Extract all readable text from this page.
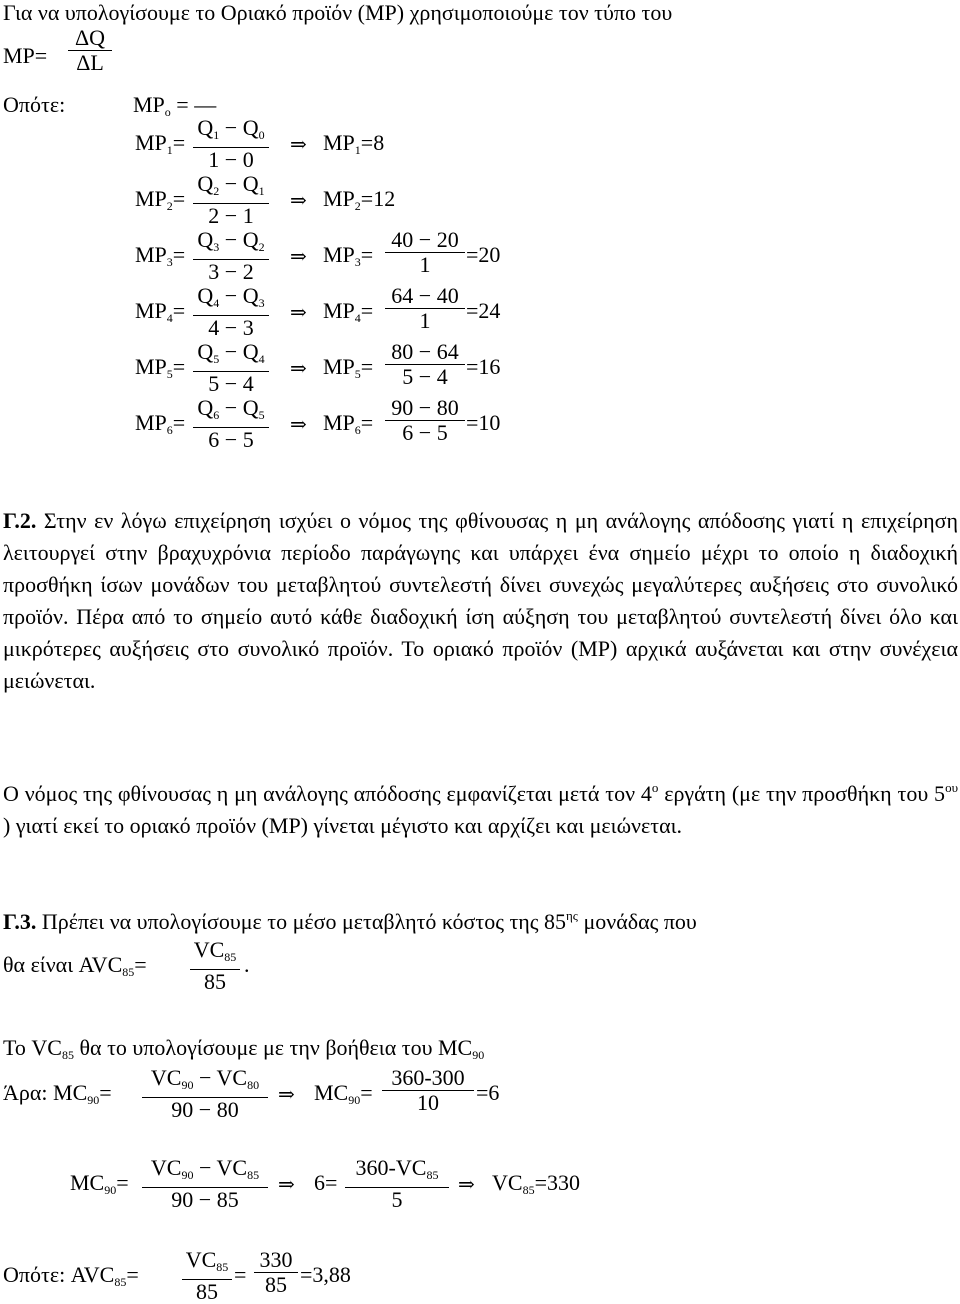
Για να υπολογίσουμε το Οριακό προϊόν (MP) χρησιμοποιούμε τον τύπο του
MP=
ΔQ
ΔL
Οπότε:	$MP_o$ = —
$MP_1=$
$Q_1 - Q_0$
1 − 0
⇒ $MP_1=8$
$MP_2=$
$Q_2 - Q_1$
2 − 1
⇒ $MP_2=12$
$MP_3=$
$Q_3 - Q_2$
3 − 2
⇒ $MP_3=$
40 − 20
1	=20
$MP_4=$
$Q_4 - Q_3$
4 − 3
⇒ $MP_4=$
64 − 40
1	=24
$MP_5=$
$Q_5 - Q_4$
5 − 4
⇒ $MP_5=$
80 − 64
5 − 4 =16
$MP_6=$
$Q_6 - Q_5$
6 − 5
⇒ $MP_6=$
90 − 80
6 − 5 =10
Γ.2. Στην εν λόγω επιχείρηση ισχύει ο νόμος της φθίνουσας η μη ανάλογης απόδοσης γιατί η επιχείρηση λειτουργεί στην βραχυχρόνια περίοδο παράγωγης και υπάρχει ένα σημείο μέχρι το οποίο η διαδοχική προσθήκη ίσων μονάδων του μεταβλητού συντελεστή δίνει συνεχώς μεγαλύτερες αυξήσεις στο συνολικό προϊόν. Πέρα από το σημείο αυτό κάθε διαδοχική ίση αύξηση του μεταβλητού συντελεστή δίνει όλο και μικρότερες αυξήσεις στο συνολικό προϊόν. Το οριακό προϊόν (MP) αρχικά αυξάνεται και στην συνέχεια μειώνεται.
Ο νόμος της φθίνουσας η μη ανάλογης απόδοσης εμφανίζεται μετά τον $4^o$ εργάτη (με την προσθήκη του $5^{o\upsilon}$ ) γιατί εκεί το οριακό προϊόν (MP) γίνεται μέγιστο και αρχίζει και μειώνεται.
Γ.3. Πρέπει να υπολογίσουμε το μέσο μεταβλητό κόστος της $85^{\eta\varsigma}$ μονάδας που
θα είναι $AVC_{85}=$
$VC_{85}$
85
.
Το $VC_{85}$ θα το υπολογίσουμε με την βοήθεια του $MC_{90}$
Άρα: $MC_{90}=$
$VC_{90} - VC_{80}$
90 − 80
⇒ $MC_{90}=$
360-300
10	=6
$MC_{90}=$
$VC_{90} - VC_{85}$
90 − 85
⇒ 6=
$360-VC_{85}$
5
⇒ $VC_{85}=330$
Οπότε: $AVC_{85}=$
$VC_{85}$
85
=
330
85 =3,88
